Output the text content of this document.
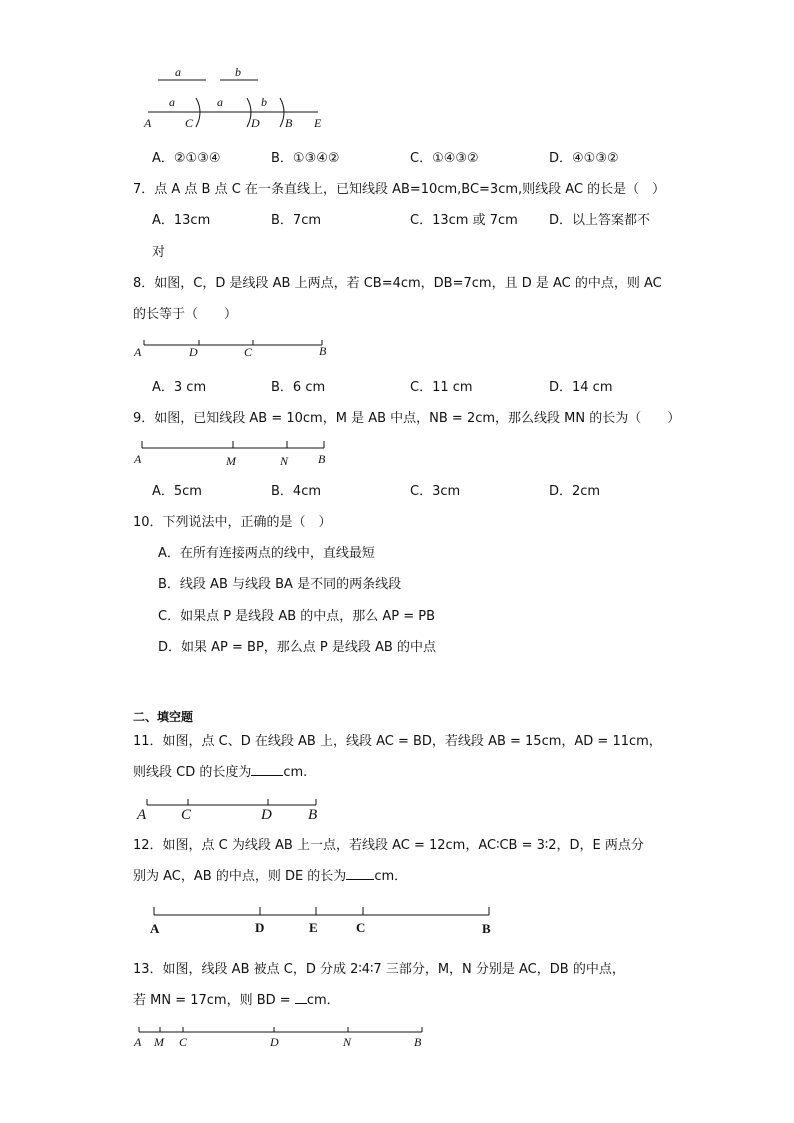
a	b
a	a	b
A	C	D B E
A．②①③④	B．①③④②	C．①④③②	D．④①③②
7．点 A 点 B 点 C 在一条直线上，已知线段 AB=10cm,BC=3cm,则线段 AC 的长是（　）
A．13cm	B．7cm	C．13cm 或 7cm D．以上答案都不
对
8．如图，C，D 是线段 AB 上两点，若 CB=4cm，DB=7cm，且 D 是 AC 的中点，则 AC
的长等于（　　）
A	D	C	B
A．3 cm	B．6 cm	C．11 cm	D．14 cm
9．如图，已知线段 AB = 10cm，M 是 AB 中点，NB = 2cm，那么线段 MN 的长为（　　）
A	M	N B
A．5cm	B．4cm	C．3cm	D．2cm
10．下列说法中，正确的是（　）
A．在所有连接两点的线中，直线最短
B．线段 AB 与线段 BA 是不同的两条线段
C．如果点 P 是线段 AB 的中点，那么 AP = PB
D．如果 AP = BP，那么点 P 是线段 AB 的中点
二、填空题
11．如图，点 C、D 在线段 AB 上，线段 AC = BD，若线段 AB = 15cm，AD = 11cm，
则线段 CD 的长度为 cm.
A C	D B
12．如图，点 C 为线段 AB 上一点，若线段 AC = 12cm，AC∶CB = 3∶2，D，E 两点分
别为 AC，AB 的中点，则 DE 的长为 cm．
A	D	E	C	B
13．如图，线段 AB 被点 C，D 分成 2∶4∶7 三部分，M，N 分别是 AC，DB 的中点，
若 MN = 17cm，则 BD = cm．
A M C	D	N	B
